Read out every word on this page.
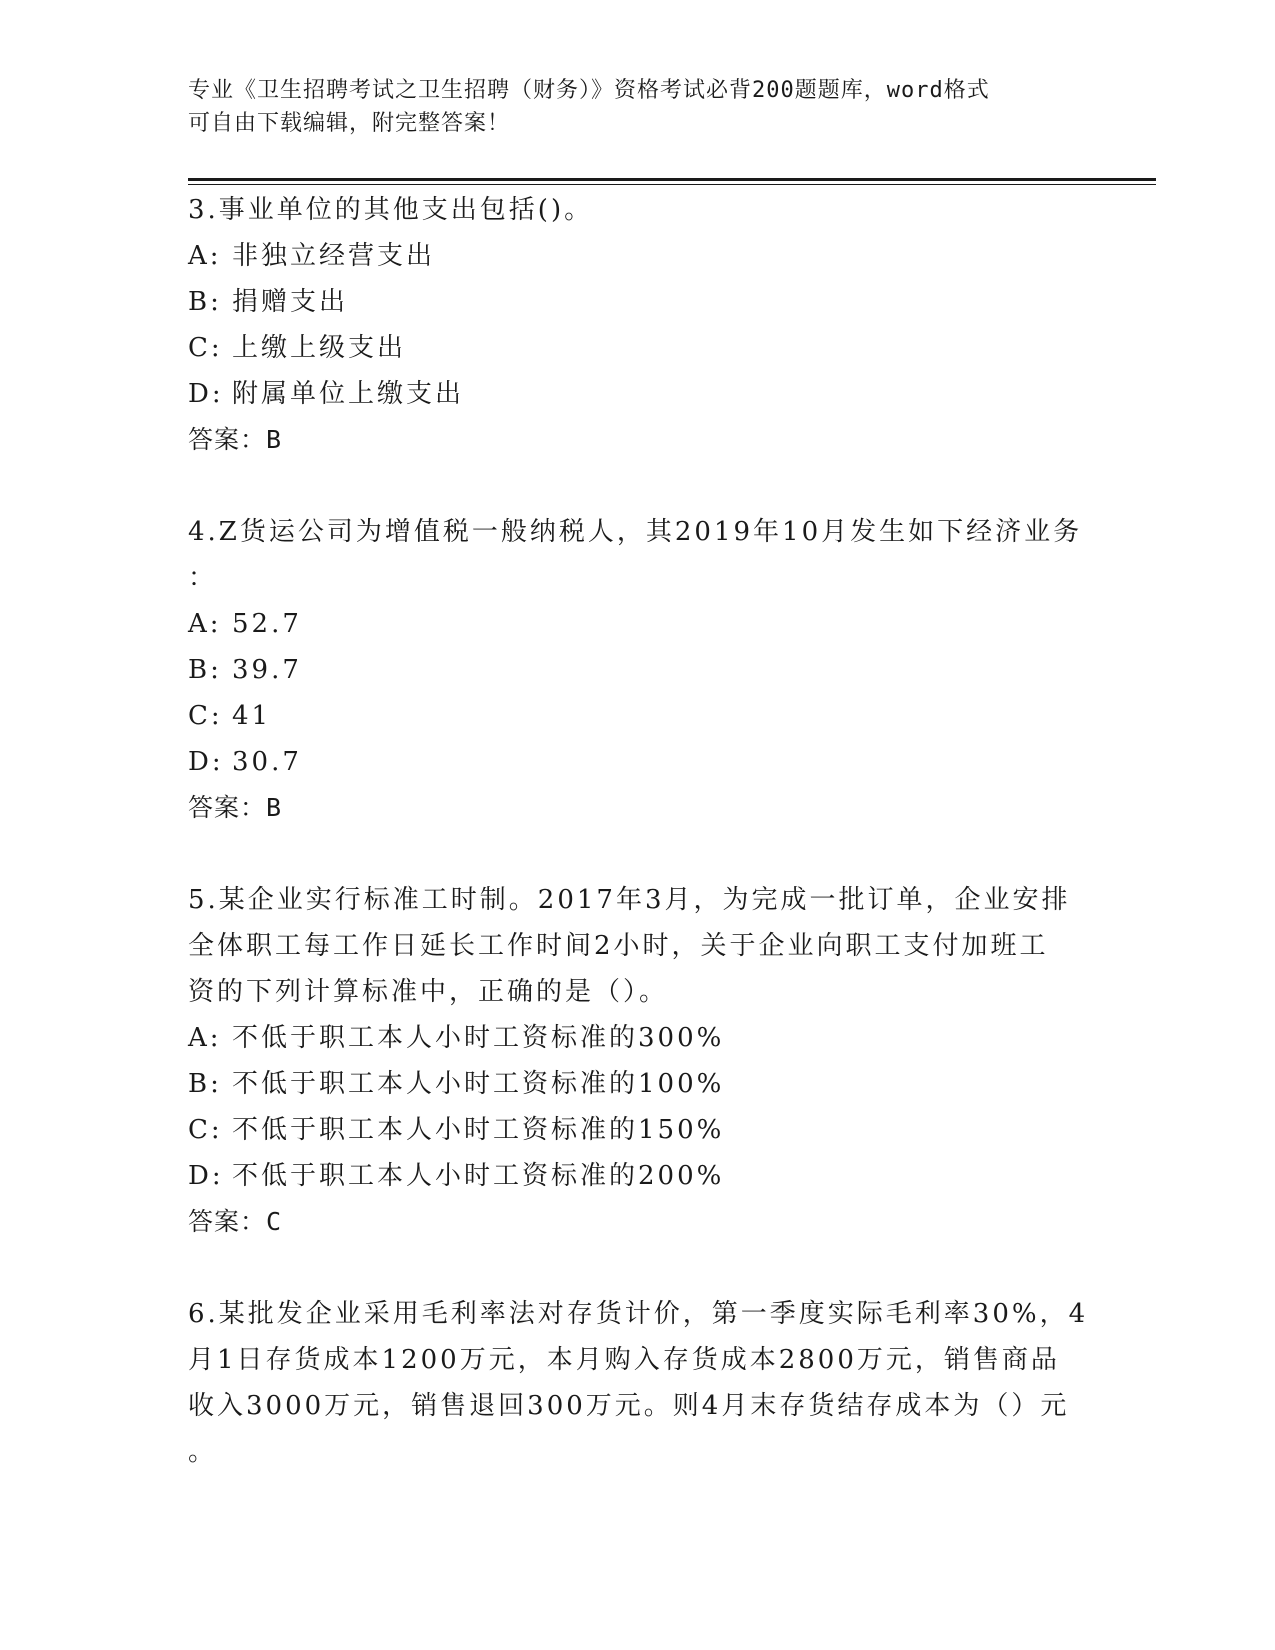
专业《卫生招聘考试之卫生招聘（财务）》资格考试必背200题题库，word格式
可自由下载编辑，附完整答案！
3.事业单位的其他支出包括()。
A: 非独立经营支出
B: 捐赠支出
C: 上缴上级支出
D: 附属单位上缴支出
答案：B
4.Z货运公司为增值税一般纳税人，其2019年10月发生如下经济业务
：
A: 52.7
B: 39.7
C: 41
D: 30.7
答案：B
5.某企业实行标准工时制。2017年3月，为完成一批订单，企业安排
全体职工每工作日延长工作时间2小时，关于企业向职工支付加班工
资的下列计算标准中，正确的是（）。
A: 不低于职工本人小时工资标准的300%
B: 不低于职工本人小时工资标准的100%
C: 不低于职工本人小时工资标准的150%
D: 不低于职工本人小时工资标准的200%
答案：C
6.某批发企业采用毛利率法对存货计价，第一季度实际毛利率30%，4
月1日存货成本1200万元，本月购入存货成本2800万元，销售商品
收入3000万元，销售退回300万元。则4月末存货结存成本为（）元
。
